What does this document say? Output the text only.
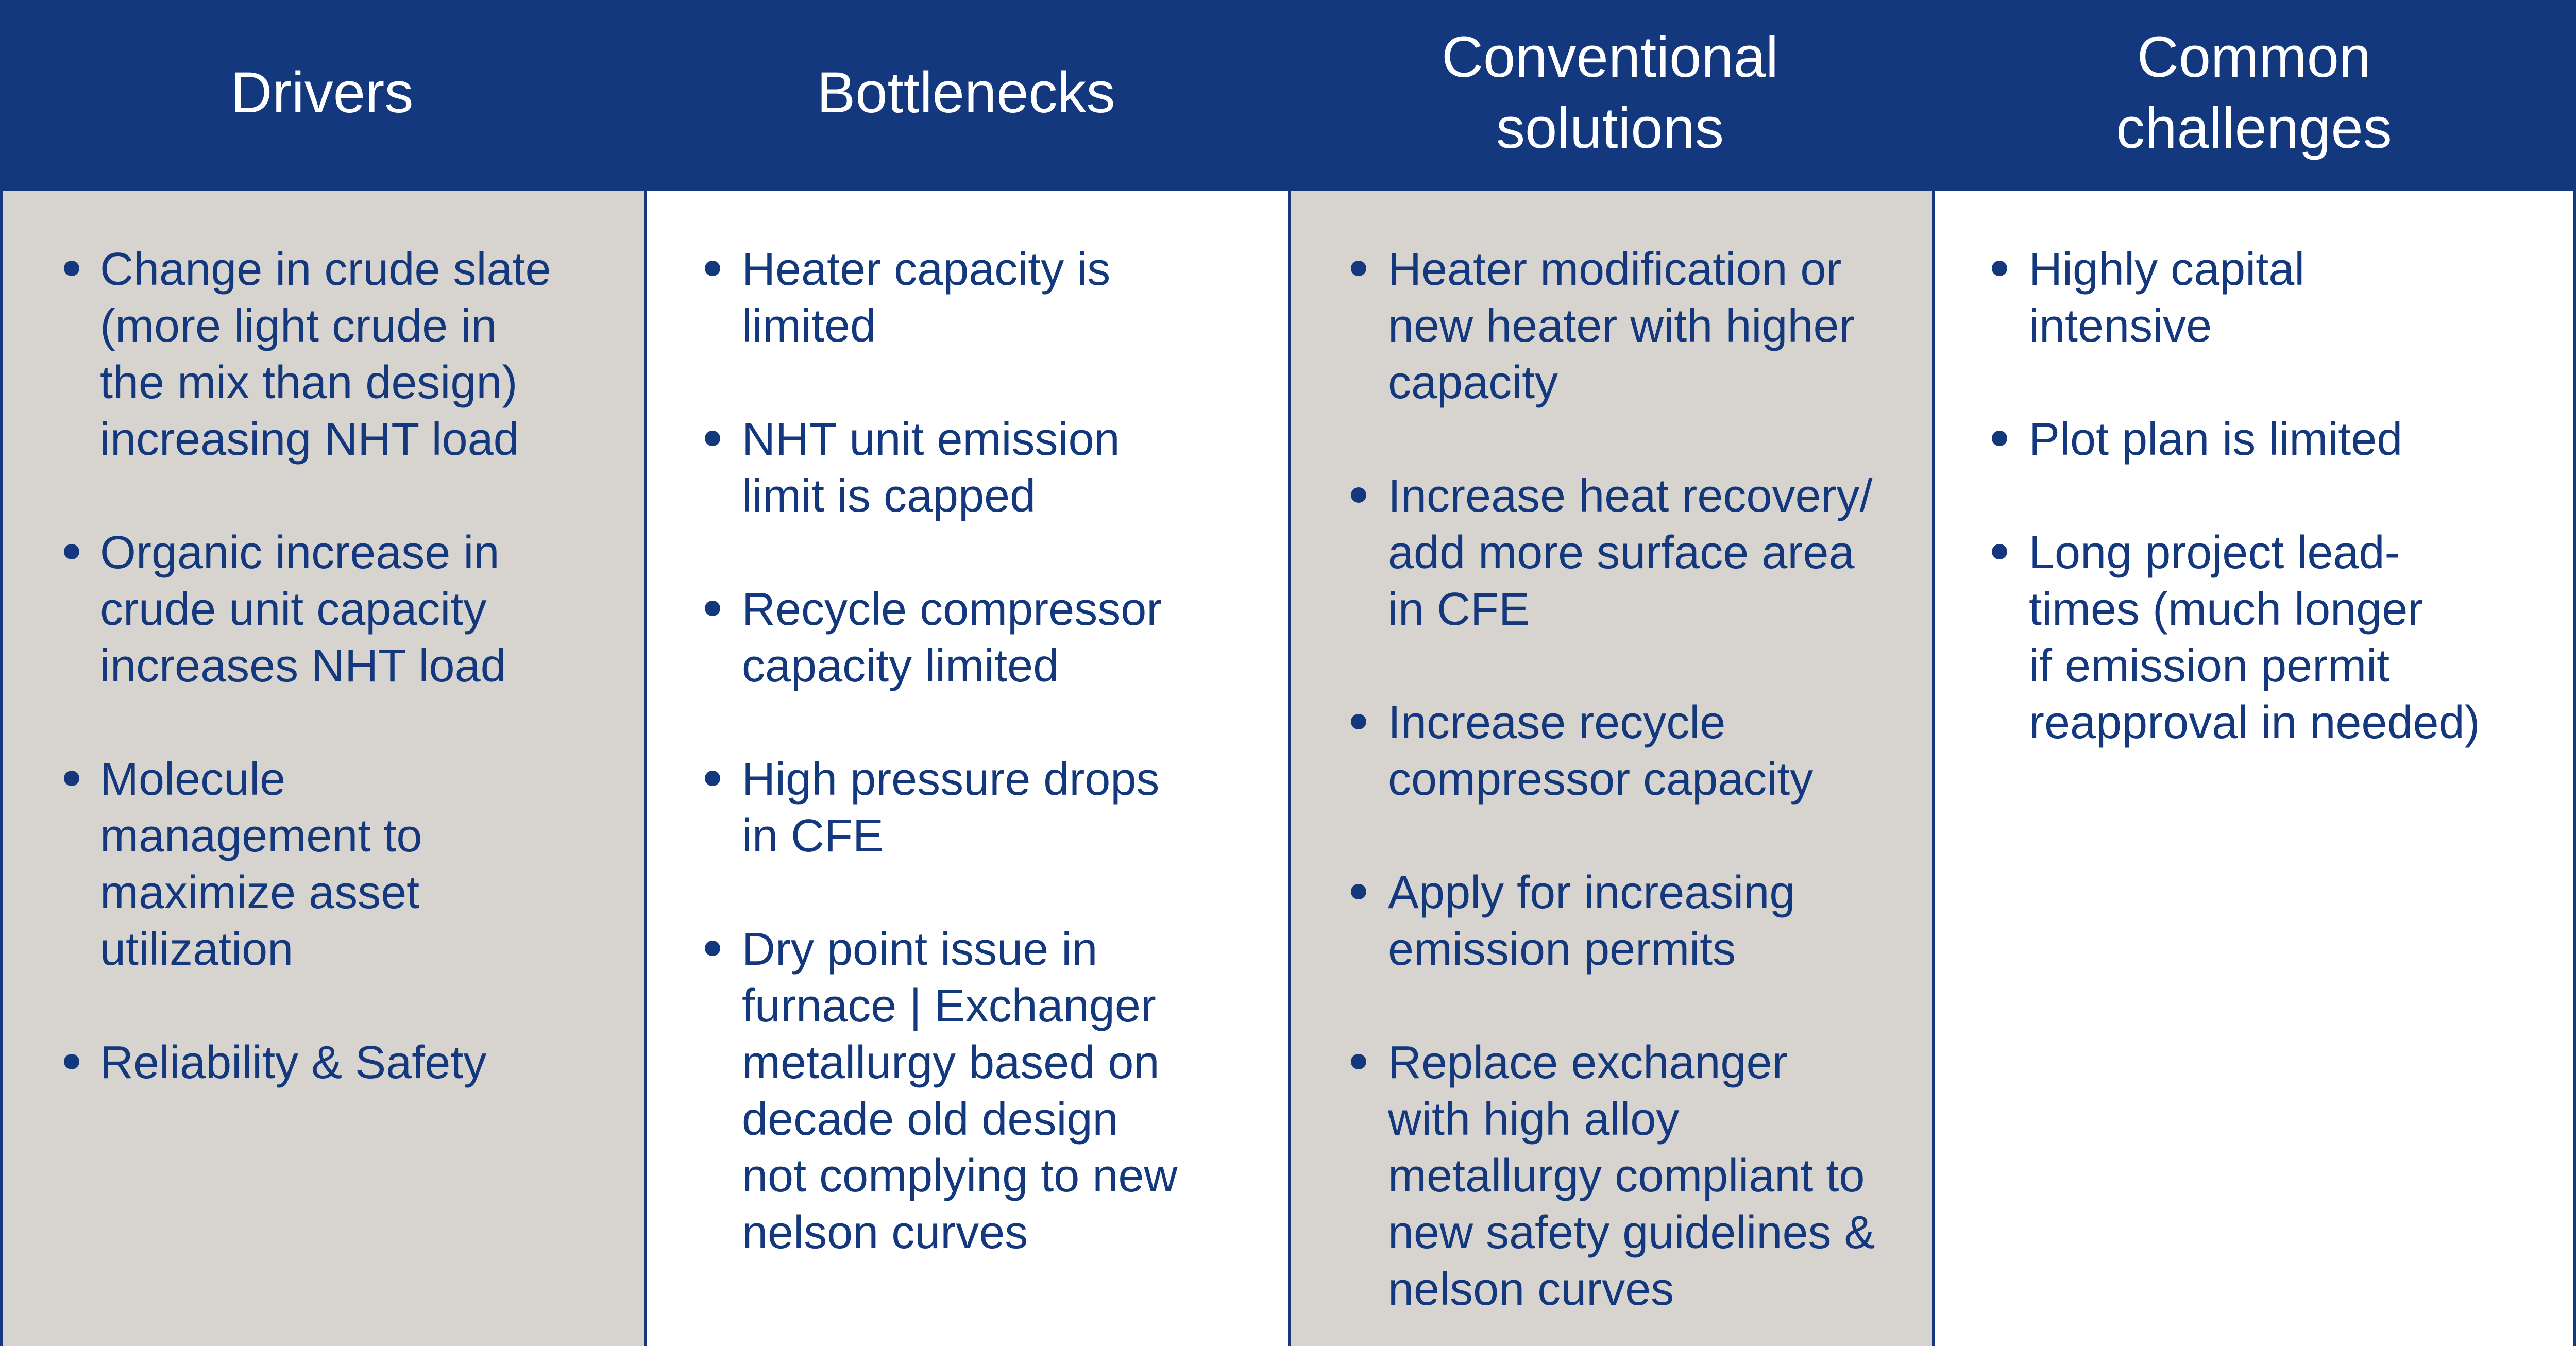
Drivers	Bottlenecks
Conventional
solutions
Common
challenges
Change in crude slate
(more light crude in
the mix than design)
increasing NHT load
Organic increase in
crude unit capacity
increases NHT load
Molecule
management to
maximize asset
utilization
Reliability & Safety
Heater capacity is
limited
NHT unit emission
limit is capped
Recycle compressor
capacity limited
High pressure drops
in CFE
Dry point issue in
furnace | Exchanger
metallurgy based on
decade old design
not complying to new
nelson curves
Heater modification or
new heater with higher
capacity
Increase heat recovery/
add more surface area
in CFE
Increase recycle
compressor capacity
Apply for increasing
emission permits
Replace exchanger
with high alloy
metallurgy compliant to
new safety guidelines &
nelson curves
Highly capital
intensive
Plot plan is limited
Long project lead-
times (much longer
if emission permit
reapproval in needed)
